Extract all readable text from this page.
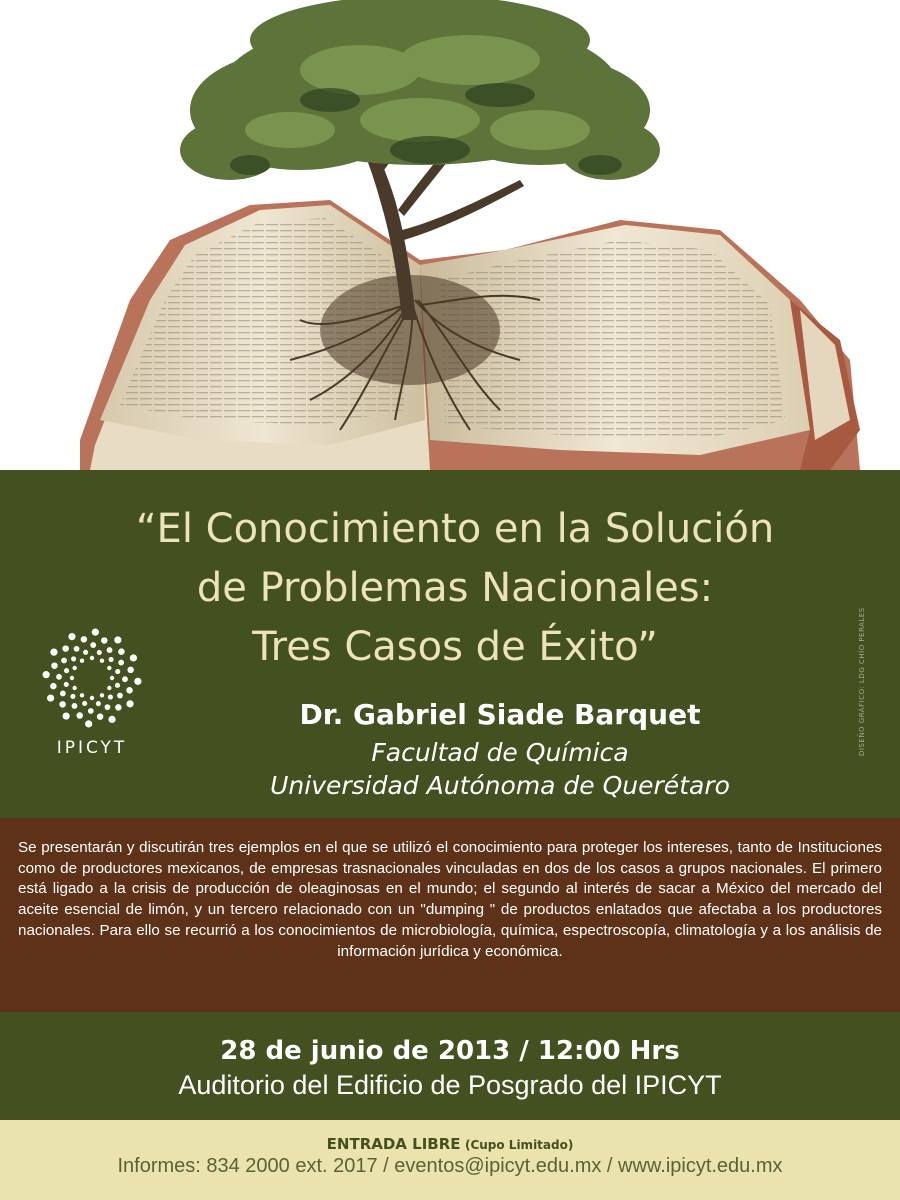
“El Conocimiento en la Solución
de Problemas Nacionales:
Tres Casos de Éxito”
IPICYT
Dr. Gabriel Siade Barquet
Facultad de Química
Universidad Autónoma de Querétaro
DISEÑO GRÁFICO: LDG CHÍO PERALES

Se presentarán y discutirán tres ejemplos en el que se utilizó el conocimiento para proteger los intereses, tanto de Instituciones como de productores mexicanos, de empresas trasnacionales vinculadas en dos de los casos a grupos nacionales. El primero está ligado a la crisis de producción de oleaginosas en el mundo; el segundo al interés de sacar a México del mercado del aceite esencial de limón, y un tercero relacionado con un "dumping " de productos enlatados que afectaba a los productores nacionales. Para ello se recurrió a los conocimientos de microbiología, química, espectroscopía, climatología y a los análisis de información jurídica y económica.

28 de junio de 2013 / 12:00 Hrs
Auditorio del Edificio de Posgrado del IPICYT
ENTRADA LIBRE (Cupo Limitado)
Informes: 834 2000 ext. 2017 / eventos@ipicyt.edu.mx / www.ipicyt.edu.mx
